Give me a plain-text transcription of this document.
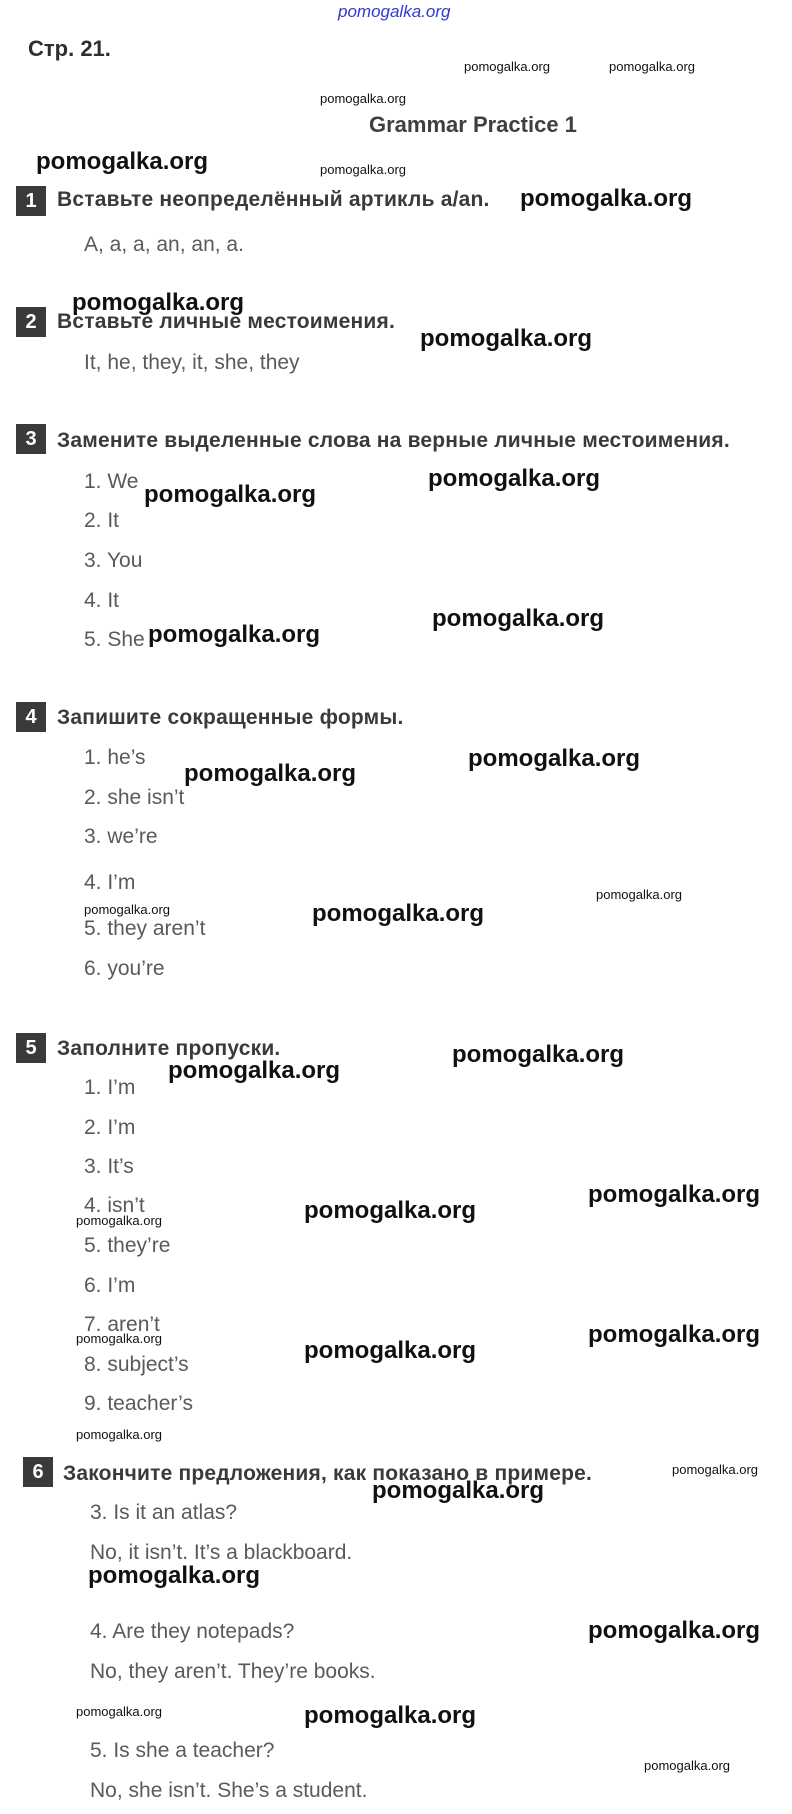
pomogalka.org
Стр. 21.
Grammar Practice 1
1 Вставьте неопределённый артикль a/an.
A, a, a, an, an, a.
2 Вставьте личные местоимения.
It, he, they, it, she, they
3 Замените выделенные слова на верные личные местоимения.
1. We
2. It
3. You
4. It
5. She
4 Запишите сокращенные формы.
1. he’s
2. she isn’t
3. we’re
4. I’m
5. they aren’t
6. you’re
5 Заполните пропуски.
1. I’m
2. I’m
3. It’s
4. isn’t
5. they’re
6. I’m
7. aren’t
8. subject’s
9. teacher’s
6 Закончите предложения, как показано в примере.
3. Is it an atlas?
No, it isn’t. It’s a blackboard.
4. Are they notepads?
No, they aren’t. They’re books.
5. Is she a teacher?
No, she isn’t. She’s a student.
pomogalka.org	pomogalka.org
pomogalka.org
pomogalka.org
pomogalka.org
pomogalka.org
pomogalka.org
pomogalka.org
pomogalka.org
pomogalka.org
pomogalka.org
pomogalka.org
pomogalka.org
pomogalka.org
pomogalka.org
pomogalka.org
pomogalka.org
pomogalka.org
pomogalka.org
pomogalka.org
pomogalka.org
pomogalka.org
pomogalka.org
pomogalka.org
pomogalka.org
pomogalka.org
pomogalka.org
pomogalka.org
pomogalka.org
pomogalka.org
pomogalka.org
pomogalka.org
pomogalka.org
